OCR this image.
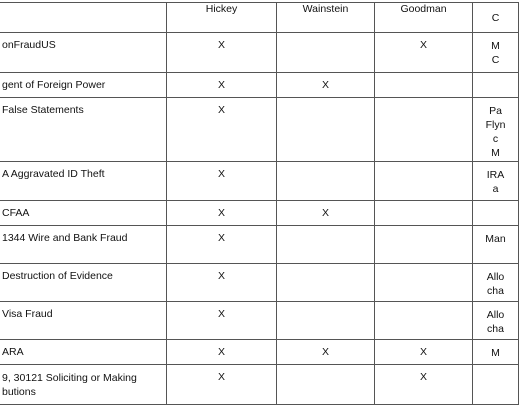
	Hickey	Wainstein	Goodman	C
onFraudUS	X		X	M
C
gent of Foreign Power	X	X		
False Statements	X			Pa
Flyn
c
M
A Aggravated ID Theft	X			IRA
a
CFAA	X	X		
1344 Wire and Bank Fraud	X			Man
Destruction of Evidence	X			Allo
cha
Visa Fraud	X			Allo
cha
ARA	X	X	X	M
9, 30121 Soliciting or Making
butions	X		X	
